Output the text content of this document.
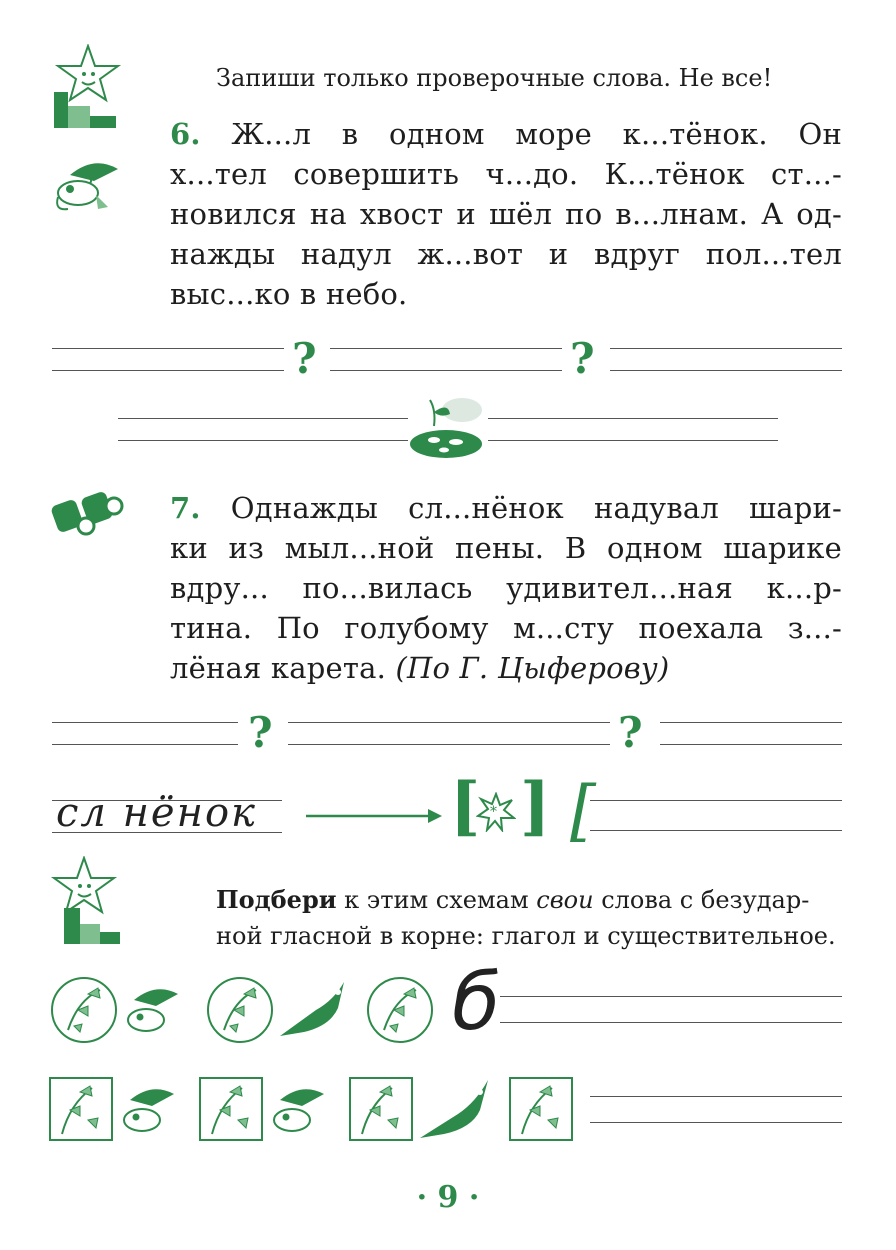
Запиши только проверочные слова. Не все!
6. Ж...л в одном море к...тёнок. Он
х...тел совершить ч...до. К...тёнок ст...-
новился на хвост и шёл по в...лнам. А од-
нажды надул ж...вот и вдруг пол...тел
выс...ко в небо.
?	?
7. Однажды сл...нёнок надувал шари-
ки из мыл...ной пены. В одном шарике
вдру... по...вилась удивител...ная к...р-
тина. По голубому м...сту поехала з...-
лёная карета. (По Г. Цыферову)
?	?
сл нёнок	[ * ] [
Подбери к этим схемам свои слова с безудар-
ной гласной в корне: глагол и существительное.
б
· 9 ·
